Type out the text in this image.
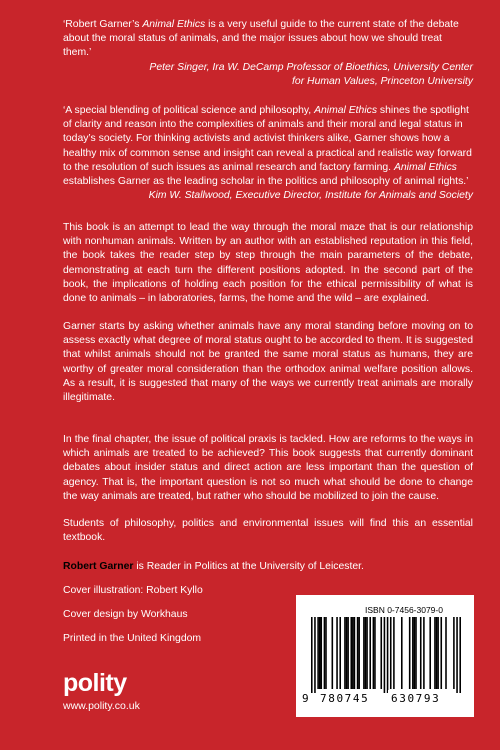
‘Robert Garner’s Animal Ethics is a very useful guide to the current state of the debate about the moral status of animals, and the major issues about how we should treat them.’

Peter Singer, Ira W. DeCamp Professor of Bioethics, University Center
for Human Values, Princeton University

‘A special blending of political science and philosophy, Animal Ethics shines the spotlight of clarity and reason into the complexities of animals and their moral and legal status in today’s society. For thinking activists and activist thinkers alike, Garner shows how a healthy mix of common sense and insight can reveal a practical and realistic way forward to the resolution of such issues as animal research and factory farming. Animal Ethics establishes Garner as the leading scholar in the politics and philosophy of animal rights.’

Kim W. Stallwood, Executive Director, Institute for Animals and Society

This book is an attempt to lead the way through the moral maze that is our relationship with nonhuman animals. Written by an author with an established reputation in this field, the book takes the reader step by step through the main parameters of the debate, demonstrating at each turn the different positions adopted. In the second part of the book, the implications of holding each position for the ethical permissibility of what is done to animals – in laboratories, farms, the home and the wild – are explained.

Garner starts by asking whether animals have any moral standing before moving on to assess exactly what degree of moral status ought to be accorded to them. It is suggested that whilst animals should not be granted the same moral status as humans, they are worthy of greater moral consideration than the orthodox animal welfare position allows. As a result, it is suggested that many of the ways we currently treat animals are morally illegitimate.

In the final chapter, the issue of political praxis is tackled. How are reforms to the ways in which animals are treated to be achieved? This book suggests that currently dominant debates about insider status and direct action are less important than the question of agency. That is, the important question is not so much what should be done to change the way animals are treated, but rather who should be mobilized to join the cause.

Students of philosophy, politics and environmental issues will find this an essential textbook.

Robert Garner is Reader in Politics at the University of Leicester.

Cover illustration: Robert Kyllo

Cover design by Workhaus

Printed in the United Kingdom

polity
www.polity.co.uk
ISBN 0-7456-3079-0
9 780745 630793
